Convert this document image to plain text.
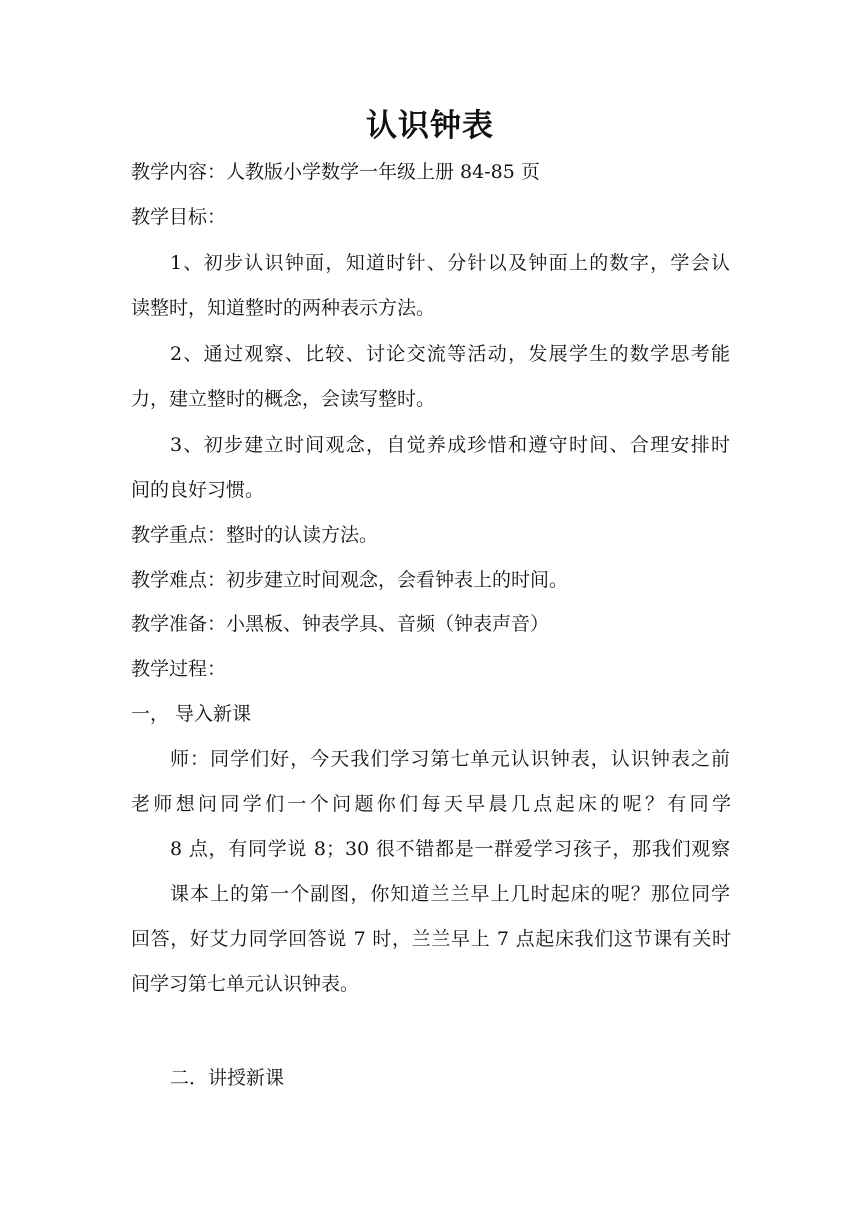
认识钟表
教学内容：人教版小学数学一年级上册 84-85 页
教学目标：
1、初步认识钟面，知道时针、分针以及钟面上的数字，学会认
读整时，知道整时的两种表示方法。
2、通过观察、比较、讨论交流等活动，发展学生的数学思考能
力，建立整时的概念，会读写整时。
3、初步建立时间观念，自觉养成珍惜和遵守时间、合理安排时
间的良好习惯。
教学重点：整时的认读方法。
教学难点：初步建立时间观念，会看钟表上的时间。
教学准备：小黑板、钟表学具、音频（钟表声音）
教学过程：
一， 导入新课
师：同学们好，今天我们学习第七单元认识钟表，认识钟表之前
老师想问同学们一个问题你们每天早晨几点起床的呢？有同学
8 点，有同学说 8；30 很不错都是一群爱学习孩子，那我们观察
课本上的第一个副图，你知道兰兰早上几时起床的呢？那位同学
回答，好艾力同学回答说 7 时，兰兰早上 7 点起床我们这节课有关时
间学习第七单元认识钟表。
二．讲授新课
